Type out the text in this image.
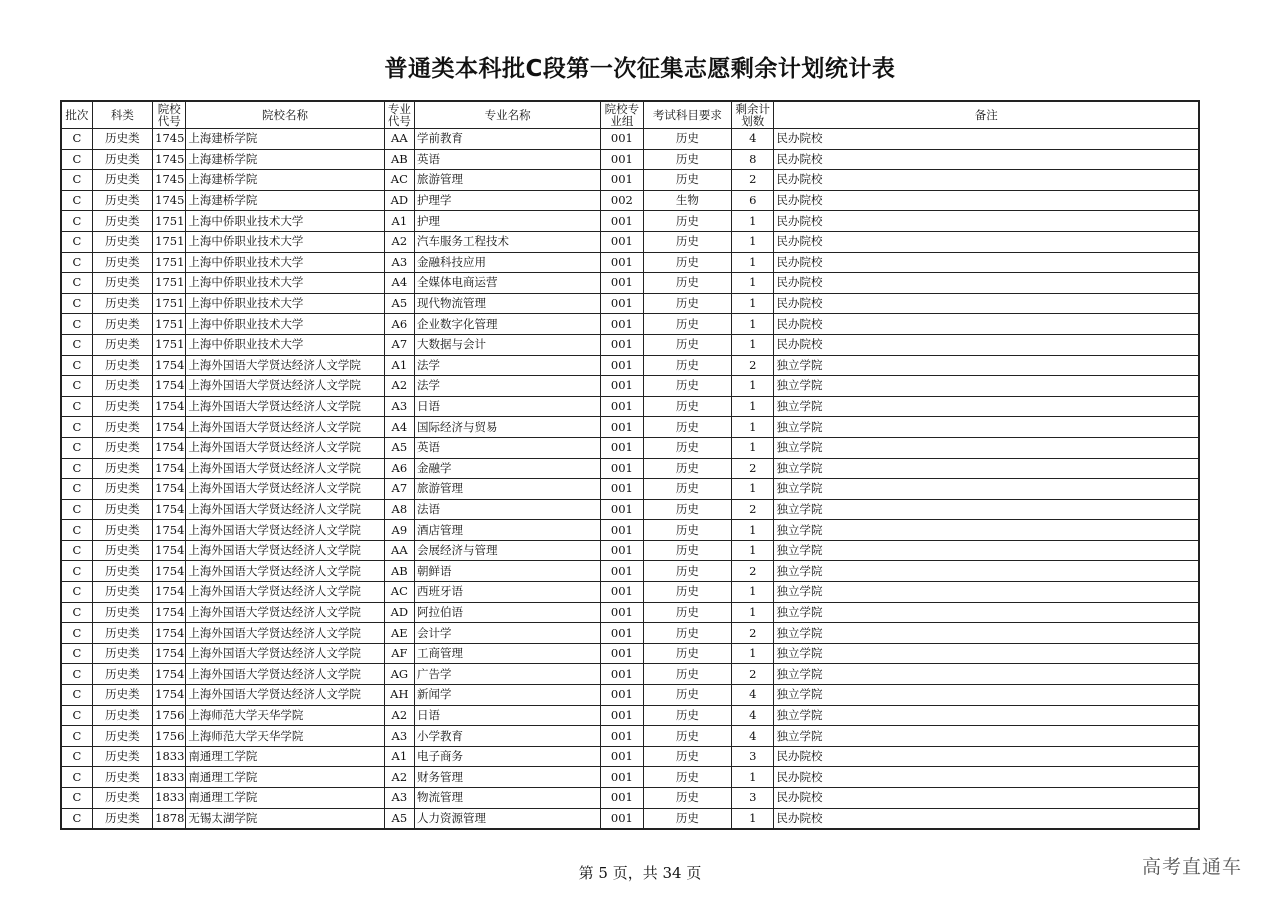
普通类本科批C段第一次征集志愿剩余计划统计表
批次	科类	院校代号	院校名称	专业代号	专业名称	院校专业组	考试科目要求	剩余计划数	备注
C	历史类	1745	上海建桥学院	AA	学前教育	001	历史	4	民办院校
C	历史类	1745	上海建桥学院	AB	英语	001	历史	8	民办院校
C	历史类	1745	上海建桥学院	AC	旅游管理	001	历史	2	民办院校
C	历史类	1745	上海建桥学院	AD	护理学	002	生物	6	民办院校
C	历史类	1751	上海中侨职业技术大学	A1	护理	001	历史	1	民办院校
C	历史类	1751	上海中侨职业技术大学	A2	汽车服务工程技术	001	历史	1	民办院校
C	历史类	1751	上海中侨职业技术大学	A3	金融科技应用	001	历史	1	民办院校
C	历史类	1751	上海中侨职业技术大学	A4	全媒体电商运营	001	历史	1	民办院校
C	历史类	1751	上海中侨职业技术大学	A5	现代物流管理	001	历史	1	民办院校
C	历史类	1751	上海中侨职业技术大学	A6	企业数字化管理	001	历史	1	民办院校
C	历史类	1751	上海中侨职业技术大学	A7	大数据与会计	001	历史	1	民办院校
C	历史类	1754	上海外国语大学贤达经济人文学院	A1	法学	001	历史	2	独立学院
C	历史类	1754	上海外国语大学贤达经济人文学院	A2	法学	001	历史	1	独立学院
C	历史类	1754	上海外国语大学贤达经济人文学院	A3	日语	001	历史	1	独立学院
C	历史类	1754	上海外国语大学贤达经济人文学院	A4	国际经济与贸易	001	历史	1	独立学院
C	历史类	1754	上海外国语大学贤达经济人文学院	A5	英语	001	历史	1	独立学院
C	历史类	1754	上海外国语大学贤达经济人文学院	A6	金融学	001	历史	2	独立学院
C	历史类	1754	上海外国语大学贤达经济人文学院	A7	旅游管理	001	历史	1	独立学院
C	历史类	1754	上海外国语大学贤达经济人文学院	A8	法语	001	历史	2	独立学院
C	历史类	1754	上海外国语大学贤达经济人文学院	A9	酒店管理	001	历史	1	独立学院
C	历史类	1754	上海外国语大学贤达经济人文学院	AA	会展经济与管理	001	历史	1	独立学院
C	历史类	1754	上海外国语大学贤达经济人文学院	AB	朝鲜语	001	历史	2	独立学院
C	历史类	1754	上海外国语大学贤达经济人文学院	AC	西班牙语	001	历史	1	独立学院
C	历史类	1754	上海外国语大学贤达经济人文学院	AD	阿拉伯语	001	历史	1	独立学院
C	历史类	1754	上海外国语大学贤达经济人文学院	AE	会计学	001	历史	2	独立学院
C	历史类	1754	上海外国语大学贤达经济人文学院	AF	工商管理	001	历史	1	独立学院
C	历史类	1754	上海外国语大学贤达经济人文学院	AG	广告学	001	历史	2	独立学院
C	历史类	1754	上海外国语大学贤达经济人文学院	AH	新闻学	001	历史	4	独立学院
C	历史类	1756	上海师范大学天华学院	A2	日语	001	历史	4	独立学院
C	历史类	1756	上海师范大学天华学院	A3	小学教育	001	历史	4	独立学院
C	历史类	1833	南通理工学院	A1	电子商务	001	历史	3	民办院校
C	历史类	1833	南通理工学院	A2	财务管理	001	历史	1	民办院校
C	历史类	1833	南通理工学院	A3	物流管理	001	历史	3	民办院校
C	历史类	1878	无锡太湖学院	A5	人力资源管理	001	历史	1	民办院校
第 5 页，共 34 页	高考直通车
